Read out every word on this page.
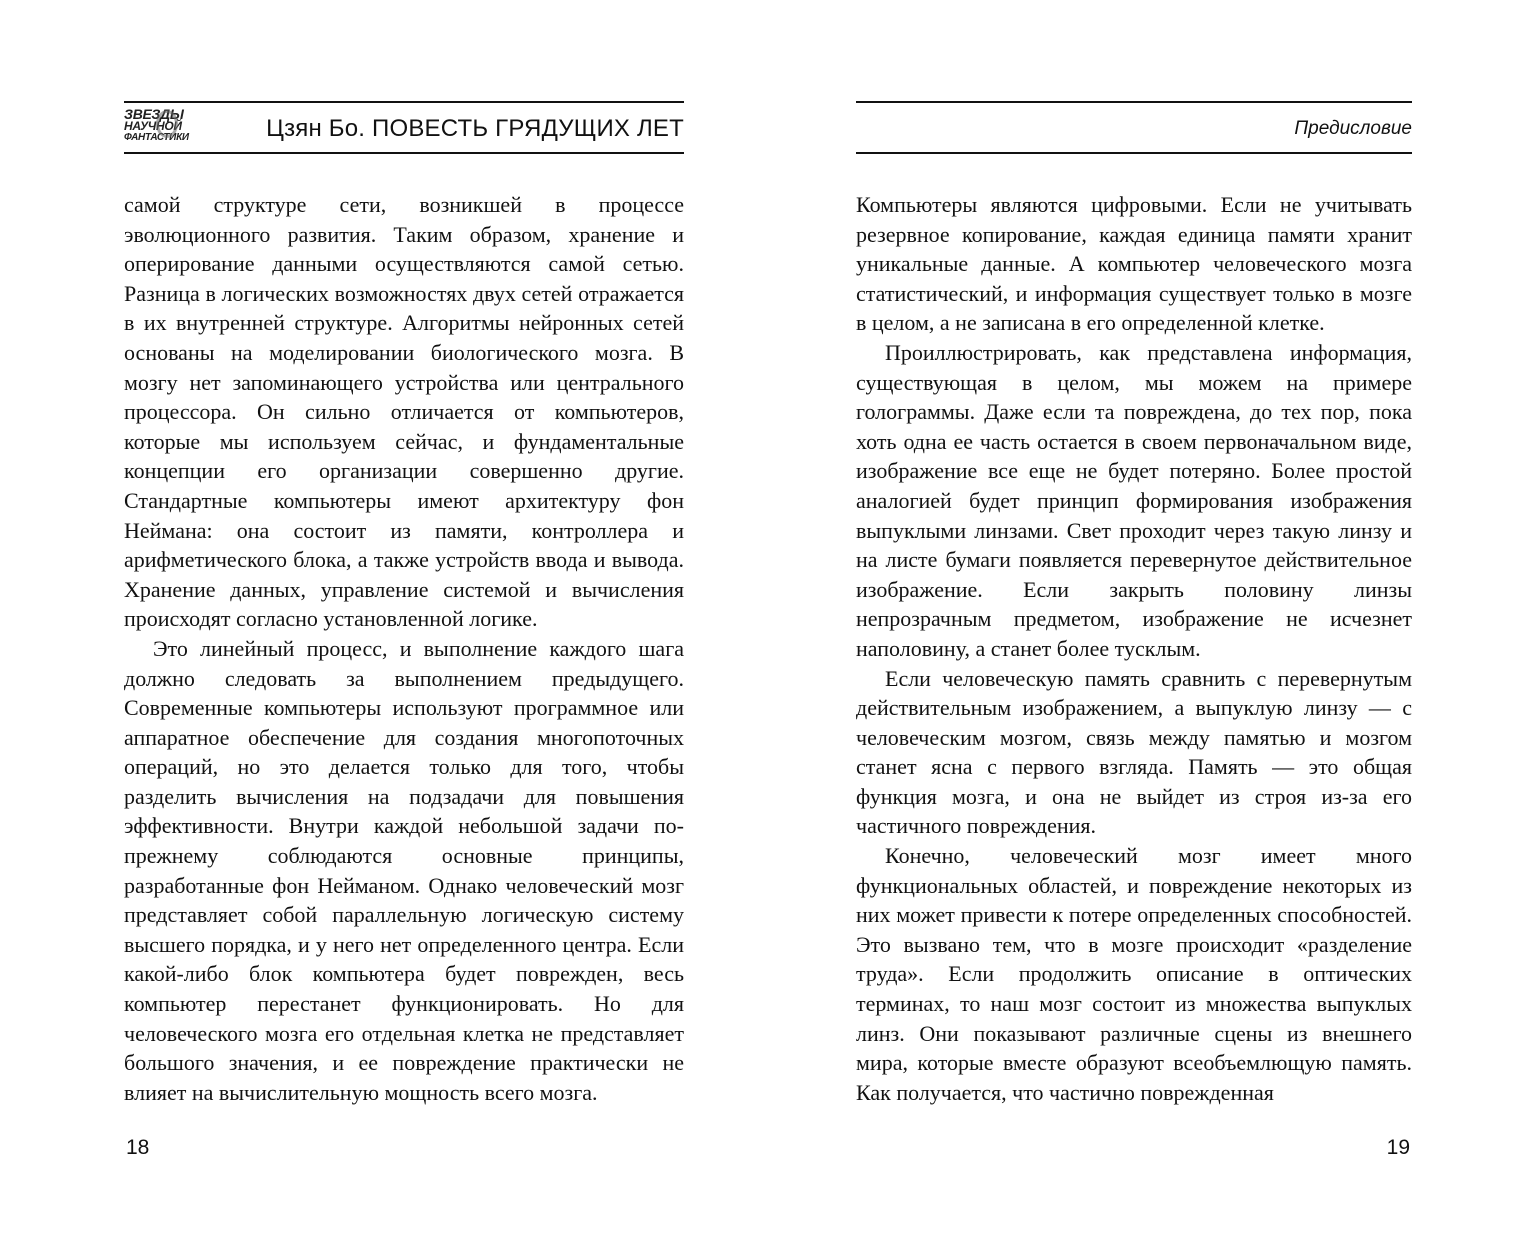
ЗВЕЗДЫ
НАУЧНОЙ
ФАНТАСТИКИ	Цзян Бо. ПОВЕСТЬ ГРЯДУЩИХ ЛЕТ

самой структуре сети, возникшей в процессе эволюционного развития. Таким образом, хранение и оперирование данными осуществляются самой сетью. Разница в логических возможностях двух сетей отражается в их внутренней структуре. Алгоритмы нейронных сетей основаны на моделировании биологического мозга. В мозгу нет запоминающего устройства или центрального процессора. Он сильно отличается от компьютеров, которые мы используем сейчас, и фундаментальные концепции его организации совершенно другие. Стандартные компьютеры имеют архитектуру фон Неймана: она состоит из памяти, контроллера и арифметического блока, а также устройств ввода и вывода. Хранение данных, управление системой и вычисления происходят согласно установленной логике.

Это линейный процесс, и выполнение каждого шага должно следовать за выполнением предыдущего. Современные компьютеры используют программное или аппаратное обеспечение для создания многопоточных операций, но это делается только для того, чтобы разделить вычисления на подзадачи для повышения эффективности. Внутри каждой небольшой задачи по-прежнему соблюдаются основные принципы, разработанные фон Нейманом. Однако человеческий мозг представляет собой параллельную логическую систему высшего порядка, и у него нет определенного центра. Если какой-либо блок компьютера будет поврежден, весь компьютер перестанет функционировать. Но для человеческого мозга его отдельная клетка не представляет большого значения, и ее повреждение практически не влияет на вычислительную мощность всего мозга.

18
Предисловие

Компьютеры являются цифровыми. Если не учитывать резервное копирование, каждая единица памяти хранит уникальные данные. А компьютер человеческого мозга статистический, и информация существует только в мозге в целом, а не записана в его определенной клетке.

Проиллюстрировать, как представлена информация, существующая в целом, мы можем на примере голограммы. Даже если та повреждена, до тех пор, пока хоть одна ее часть остается в своем первоначальном виде, изображение все еще не будет потеряно. Более простой аналогией будет принцип формирования изображения выпуклыми линзами. Свет проходит через такую линзу и на листе бумаги появляется перевернутое действительное изображение. Если закрыть половину линзы непрозрачным предметом, изображение не исчезнет наполовину, а станет более тусклым.

Если человеческую память сравнить с перевернутым действительным изображением, а выпуклую линзу — с человеческим мозгом, связь между памятью и мозгом станет ясна с первого взгляда. Память — это общая функция мозга, и она не выйдет из строя из-за его частичного повреждения.

Конечно, человеческий мозг имеет много функциональных областей, и повреждение некоторых из них может привести к потере определенных способностей. Это вызвано тем, что в мозге происходит «разделение труда». Если продолжить описание в оптических терминах, то наш мозг состоит из множества выпуклых линз. Они показывают различные сцены из внешнего мира, которые вместе образуют всеобъемлющую память. Как получается, что частично поврежденная

19
